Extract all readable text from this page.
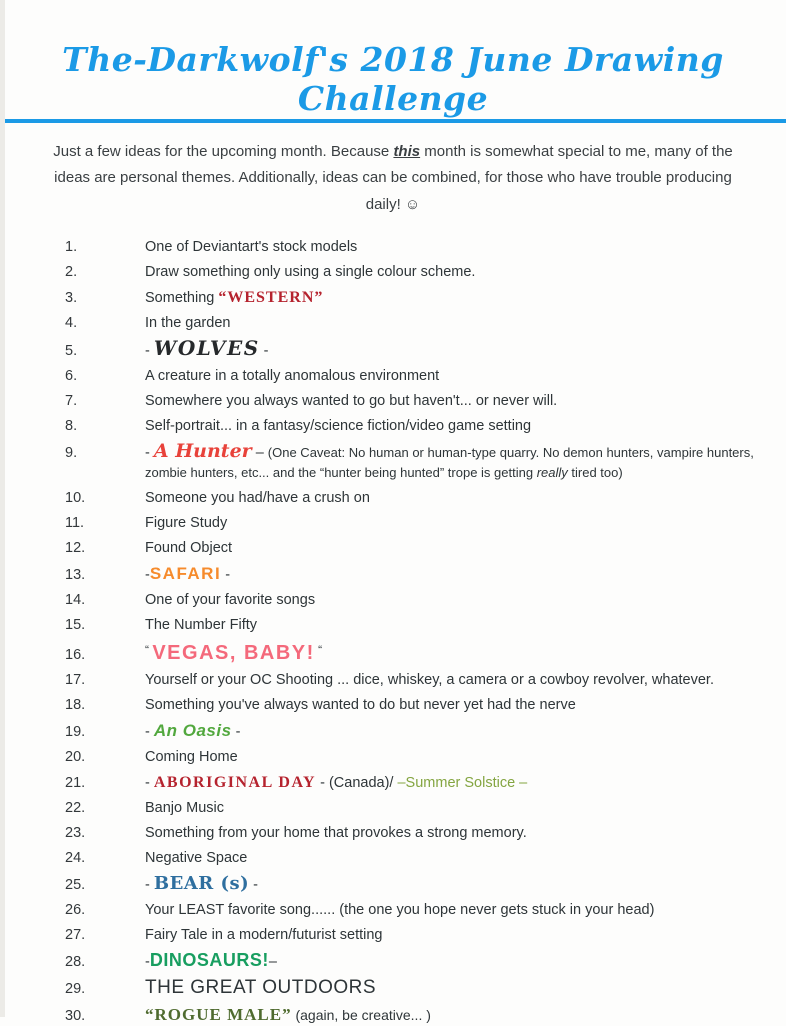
The-Darkwolf's 2018 June Drawing Challenge

Just a few ideas for the upcoming month. Because this month is somewhat special to me, many of the ideas are personal themes. Additionally, ideas can be combined, for those who have trouble producing daily! ☺

1.	One of Deviantart's stock models
2.	Draw something only using a single colour scheme.
3.	Something “WESTERN”
4.	In the garden
5.	- WOLVES -
6.	A creature in a totally anomalous environment
7.	Somewhere you always wanted to go but haven't... or never will.
8.	Self-portrait... in a fantasy/science fiction/video game setting
9.	- A Hunter – (One Caveat: No human or human-type quarry. No demon hunters, vampire hunters, zombie hunters, etc... and the “hunter being hunted” trope is getting really tired too)
10.	Someone you had/have a crush on
11.	Figure Study
12.	Found Object
13.	-SAFARI -
14.	One of your favorite songs
15.	The Number Fifty
16.	“ VEGAS, BABY! “
17.	Yourself or your OC Shooting ... dice, whiskey, a camera or a cowboy revolver, whatever.
18.	Something you've always wanted to do but never yet had the nerve
19.	- An Oasis -
20.	Coming Home
21.	- ABORIGINAL DAY - (Canada)/ –Summer Solstice –
22.	Banjo Music
23.	Something from your home that provokes a strong memory.
24.	Negative Space
25.	- BEAR (s) -
26.	Your LEAST favorite song...... (the one you hope never gets stuck in your head)
27.	Fairy Tale in a modern/futurist setting
28.	-DINOSAURS!–
29.	THE GREAT OUTDOORS
30.	“ROGUE MALE” (again, be creative... )
